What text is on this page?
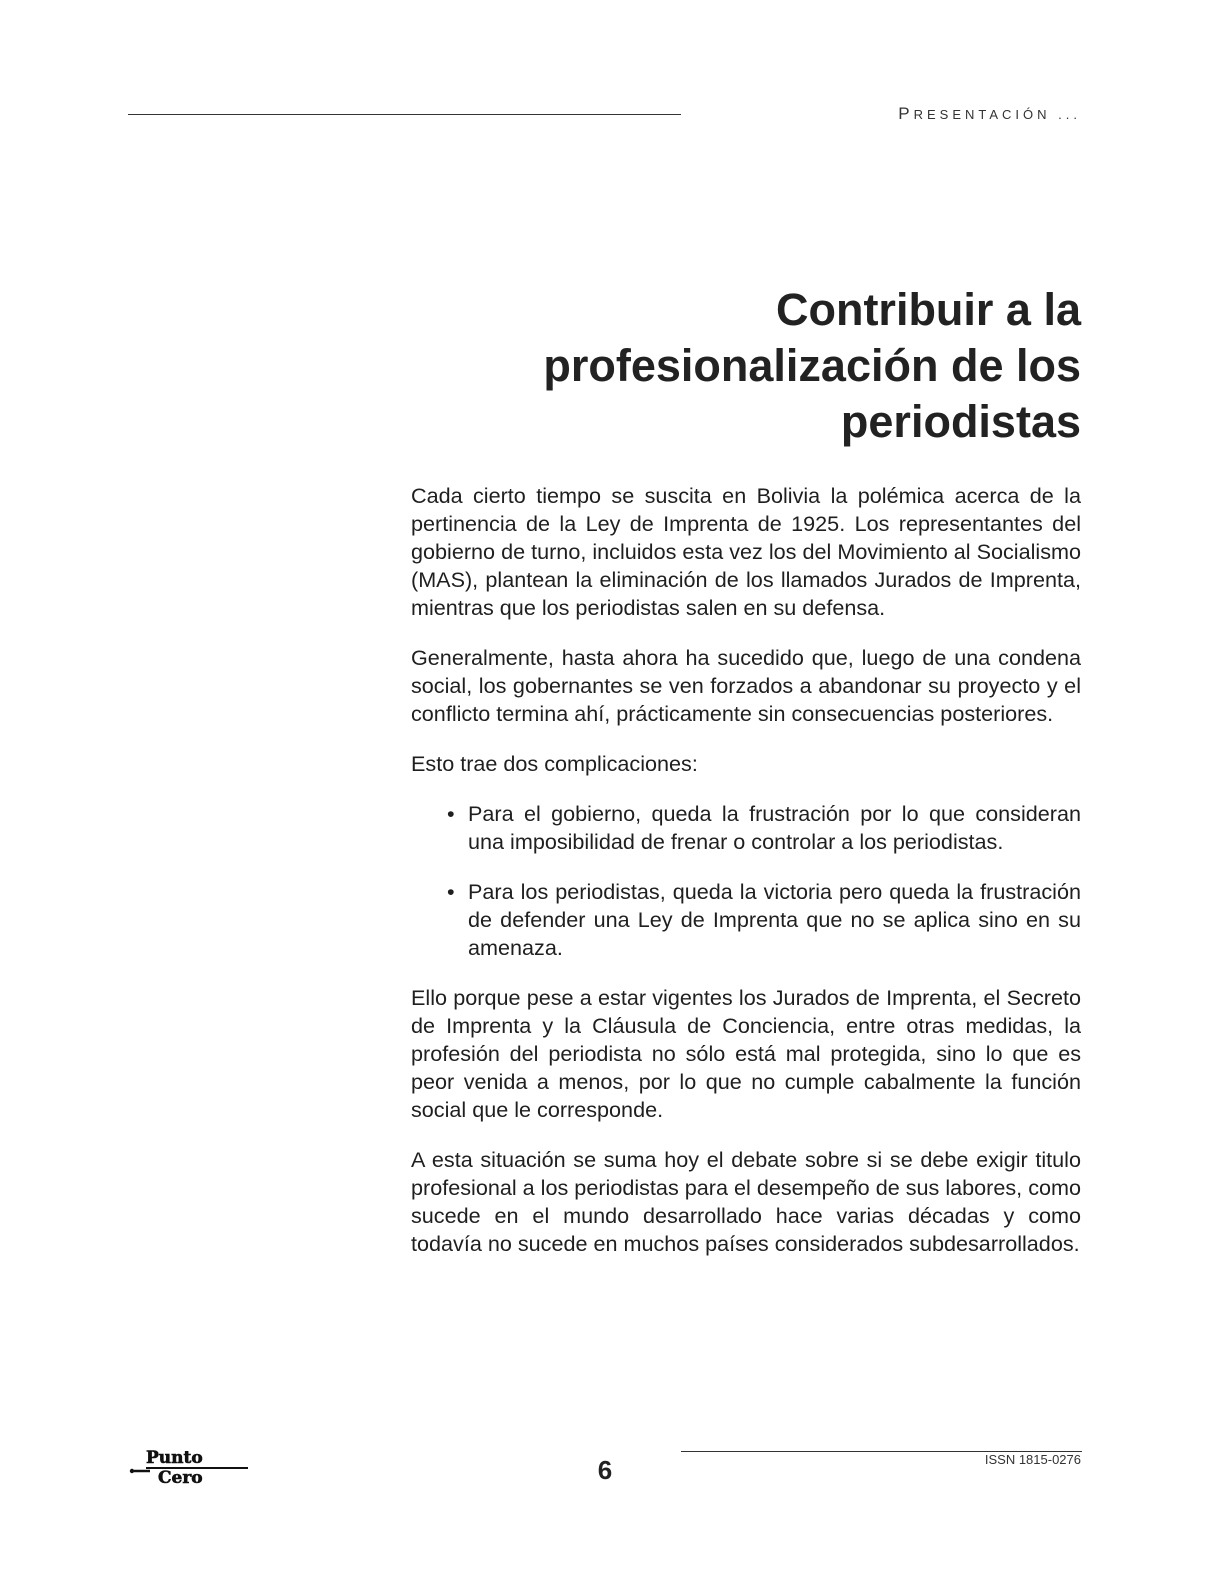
PRESENTACIÓN ...
Contribuir a la
profesionalización de los
periodistas

Cada cierto tiempo se suscita en Bolivia la polémica acerca de la pertinencia de la Ley de Imprenta de 1925. Los representantes del gobierno de turno, incluidos esta vez los del Movimiento al Socialismo (MAS), plantean la eliminación de los llamados Jurados de Imprenta, mientras que los periodistas salen en su defensa.

Generalmente, hasta ahora ha sucedido que, luego de una condena social, los gobernantes se ven forzados a abandonar su proyecto y el conflicto termina ahí, prácticamente sin consecuencias posteriores.

Esto trae dos complicaciones:

• Para el gobierno, queda la frustración por lo que consideran una imposibilidad de frenar o controlar a los periodistas.
• Para los periodistas, queda la victoria pero queda la frustración de defender una Ley de Imprenta que no se aplica sino en su amenaza.

Ello porque pese a estar vigentes los Jurados de Imprenta, el Secreto de Imprenta y la Cláusula de Conciencia, entre otras medidas, la profesión del periodista no sólo está mal protegida, sino lo que es peor venida a menos, por lo que no cumple cabalmente la función social que le corresponde.

A esta situación se suma hoy el debate sobre si se debe exigir titulo profesional a los periodistas para el desempeño de sus labores, como sucede en el mundo desarrollado hace varias décadas y como todavía no sucede en muchos países considerados subdesarrollados.

Punto
Cero	6	ISSN 1815-0276
